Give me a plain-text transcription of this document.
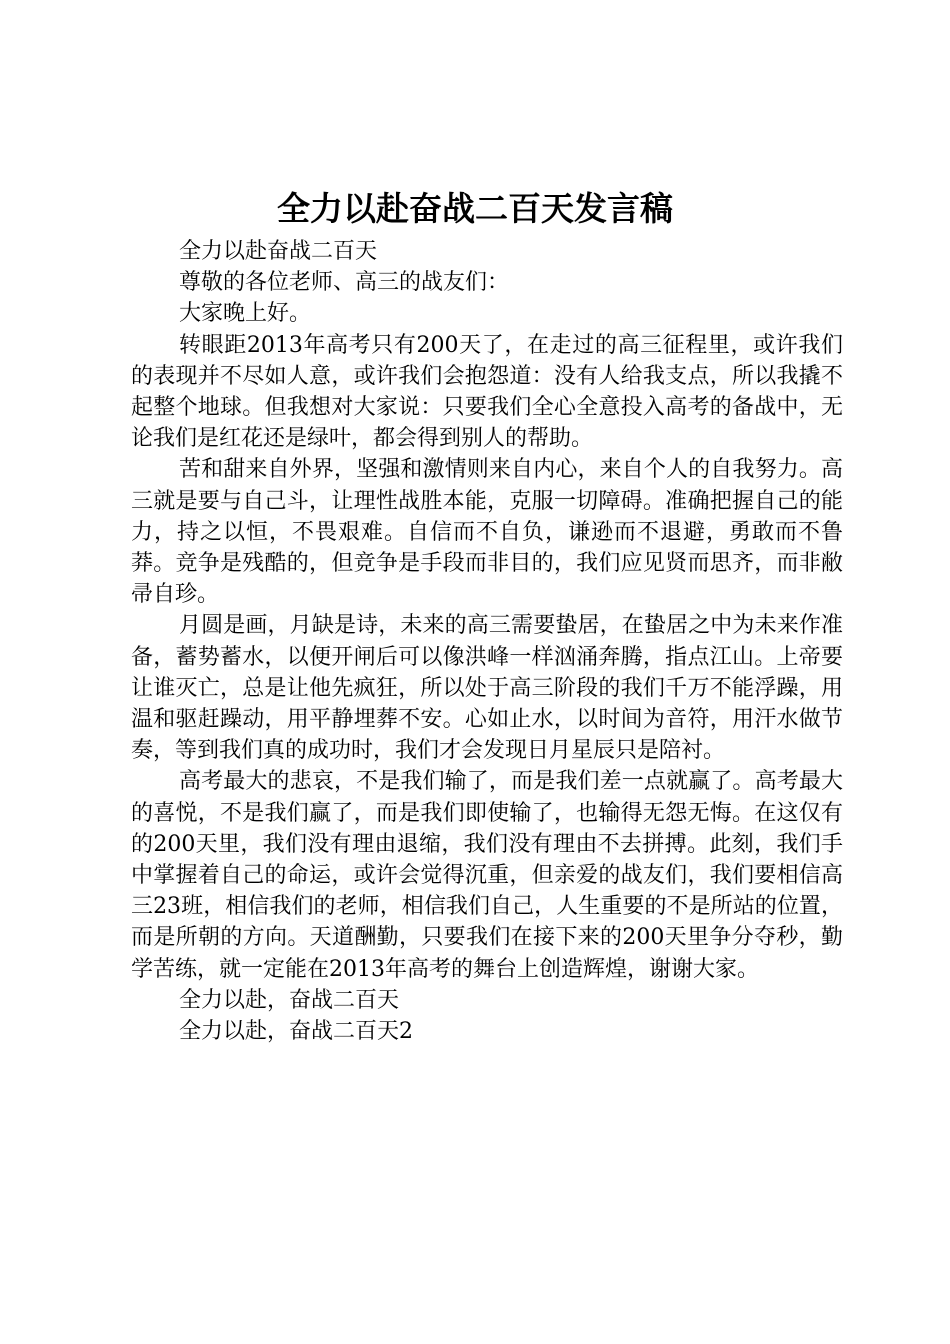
全力以赴奋战二百天发言稿

全力以赴奋战二百天

尊敬的各位老师、高三的战友们：

大家晚上好。

转眼距2013年高考只有200天了，在走过的高三征程里，或许我们的表现并不尽如人意，或许我们会抱怨道：没有人给我支点，所以我撬不起整个地球。但我想对大家说：只要我们全心全意投入高考的备战中，无论我们是红花还是绿叶，都会得到别人的帮助。

苦和甜来自外界，坚强和激情则来自内心，来自个人的自我努力。高三就是要与自己斗，让理性战胜本能，克服一切障碍。准确把握自己的能力，持之以恒，不畏艰难。自信而不自负，谦逊而不退避，勇敢而不鲁莽。竞争是残酷的，但竞争是手段而非目的，我们应见贤而思齐，而非敝帚自珍。

月圆是画，月缺是诗，未来的高三需要蛰居，在蛰居之中为未来作准备，蓄势蓄水，以便开闸后可以像洪峰一样汹涌奔腾，指点江山。上帝要让谁灭亡，总是让他先疯狂，所以处于高三阶段的我们千万不能浮躁，用温和驱赶躁动，用平静埋葬不安。心如止水，以时间为音符，用汗水做节奏，等到我们真的成功时，我们才会发现日月星辰只是陪衬。

高考最大的悲哀，不是我们输了，而是我们差一点就赢了。高考最大的喜悦，不是我们赢了，而是我们即使输了，也输得无怨无悔。在这仅有的200天里，我们没有理由退缩，我们没有理由不去拼搏。此刻，我们手中掌握着自己的命运，或许会觉得沉重，但亲爱的战友们，我们要相信高三23班，相信我们的老师，相信我们自己，人生重要的不是所站的位置，而是所朝的方向。天道酬勤，只要我们在接下来的200天里争分夺秒，勤学苦练，就一定能在2013年高考的舞台上创造辉煌，谢谢大家。

全力以赴，奋战二百天

全力以赴，奋战二百天2
